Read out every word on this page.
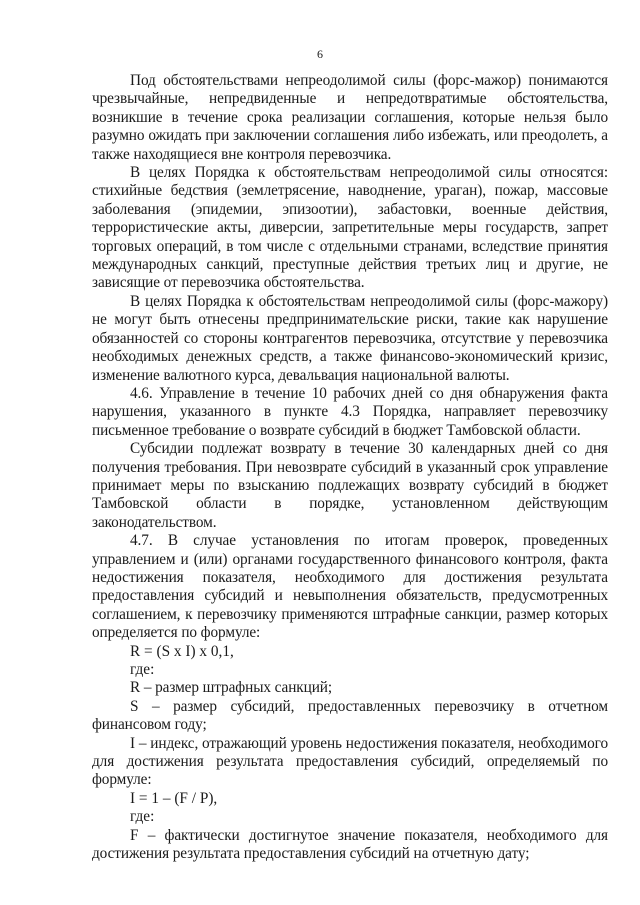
6

Под обстоятельствами непреодолимой силы (форс-мажор) понимаются чрезвычайные, непредвиденные и непредотвратимые обстоятельства, возникшие в течение срока реализации соглашения, которые нельзя было разумно ожидать при заключении соглашения либо избежать, или преодолеть, а также находящиеся вне контроля перевозчика.

В целях Порядка к обстоятельствам непреодолимой силы относятся: стихийные бедствия (землетрясение, наводнение, ураган), пожар, массовые заболевания (эпидемии, эпизоотии), забастовки, военные действия, террористические акты, диверсии, запретительные меры государств, запрет торговых операций, в том числе с отдельными странами, вследствие принятия международных санкций, преступные действия третьих лиц и другие, не зависящие от перевозчика обстоятельства.

В целях Порядка к обстоятельствам непреодолимой силы (форс-мажору) не могут быть отнесены предпринимательские риски, такие как нарушение обязанностей со стороны контрагентов перевозчика, отсутствие у перевозчика необходимых денежных средств, а также финансово-экономический кризис, изменение валютного курса, девальвация национальной валюты.

4.6. Управление в течение 10 рабочих дней со дня обнаружения факта нарушения, указанного в пункте 4.3 Порядка, направляет перевозчику письменное требование о возврате субсидий в бюджет Тамбовской области.

Субсидии подлежат возврату в течение 30 календарных дней со дня получения требования. При невозврате субсидий в указанный срок управление принимает меры по взысканию подлежащих возврату субсидий в бюджет Тамбовской области в порядке, установленном действующим законодательством.

4.7. В случае установления по итогам проверок, проведенных управлением и (или) органами государственного финансового контроля, факта недостижения показателя, необходимого для достижения результата предоставления субсидий и невыполнения обязательств, предусмотренных соглашением, к перевозчику применяются штрафные санкции, размер которых определяется по формуле:

R = (S x I) x 0,1,

где:

R – размер штрафных санкций;

S – размер субсидий, предоставленных перевозчику в отчетном финансовом году;

I – индекс, отражающий уровень недостижения показателя, необходимого для достижения результата предоставления субсидий, определяемый по формуле:

I = 1 – (F / P),

где:

F – фактически достигнутое значение показателя, необходимого для достижения результата предоставления субсидий на отчетную дату;
